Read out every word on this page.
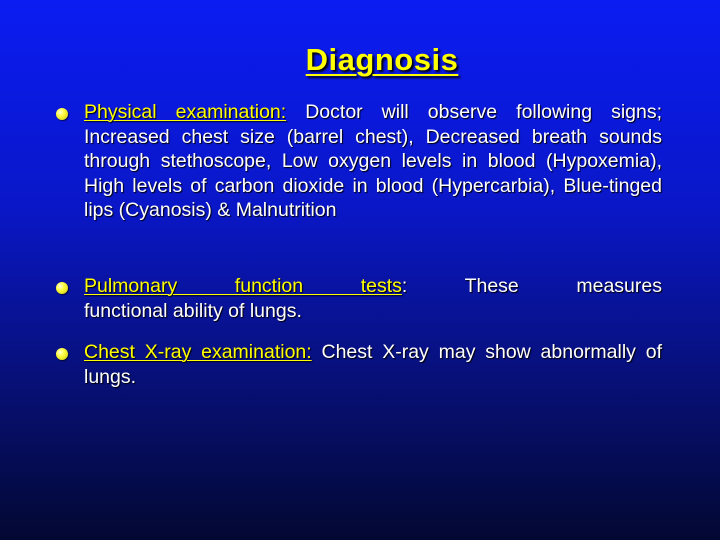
Diagnosis
Physical examination: Doctor will observe following signs; Increased chest size (barrel chest), Decreased breath sounds through stethoscope, Low oxygen levels in blood (Hypoxemia), High levels of carbon dioxide in blood (Hypercarbia), Blue-tinged lips (Cyanosis) & Malnutrition
Pulmonary function tests: These measures
functional ability of lungs.
Chest X-ray examination: Chest X-ray may show abnormally of lungs.
